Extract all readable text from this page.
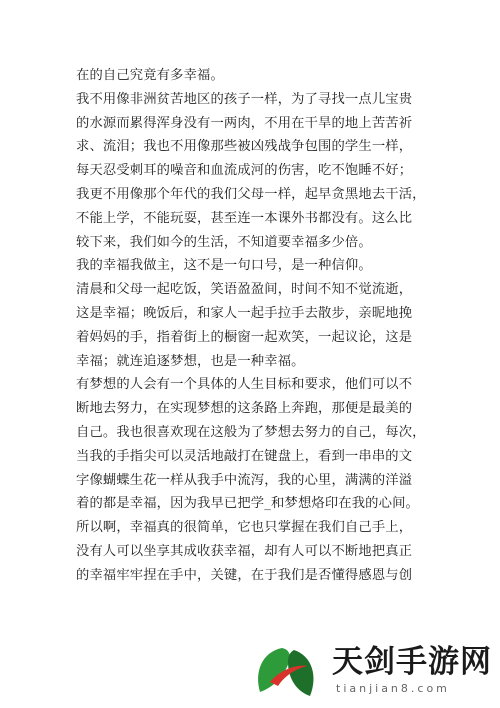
在的自己究竟有多幸福。
我不用像非洲贫苦地区的孩子一样，为了寻找一点儿宝贵
的水源而累得浑身没有一两肉，不用在干旱的地上苦苦祈
求、流泪；我也不用像那些被凶残战争包围的学生一样，
每天忍受刺耳的噪音和血流成河的伤害，吃不饱睡不好；
我更不用像那个年代的我们父母一样，起早贪黑地去干活，
不能上学，不能玩耍，甚至连一本课外书都没有。这么比
较下来，我们如今的生活，不知道要幸福多少倍。
我的幸福我做主，这不是一句口号，是一种信仰。
清晨和父母一起吃饭，笑语盈盈间，时间不知不觉流逝，
这是幸福；晚饭后，和家人一起手拉手去散步，亲昵地挽
着妈妈的手，指着街上的橱窗一起欢笑，一起议论，这是
幸福；就连追逐梦想，也是一种幸福。
有梦想的人会有一个具体的人生目标和要求，他们可以不
断地去努力，在实现梦想的这条路上奔跑，那便是最美的
自己。我也很喜欢现在这般为了梦想去努力的自己，每次，
当我的手指尖可以灵活地敲打在键盘上，看到一串串的文
字像蝴蝶生花一样从我手中流泻，我的心里，满满的洋溢
着的都是幸福，因为我早已把学_和梦想烙印在我的心间。
所以啊，幸福真的很简单，它也只掌握在我们自己手上，
没有人可以坐享其成收获幸福，却有人可以不断地把真正
的幸福牢牢捏在手中，关键，在于我们是否懂得感恩与创
天剑手游网
tianjian8.com
